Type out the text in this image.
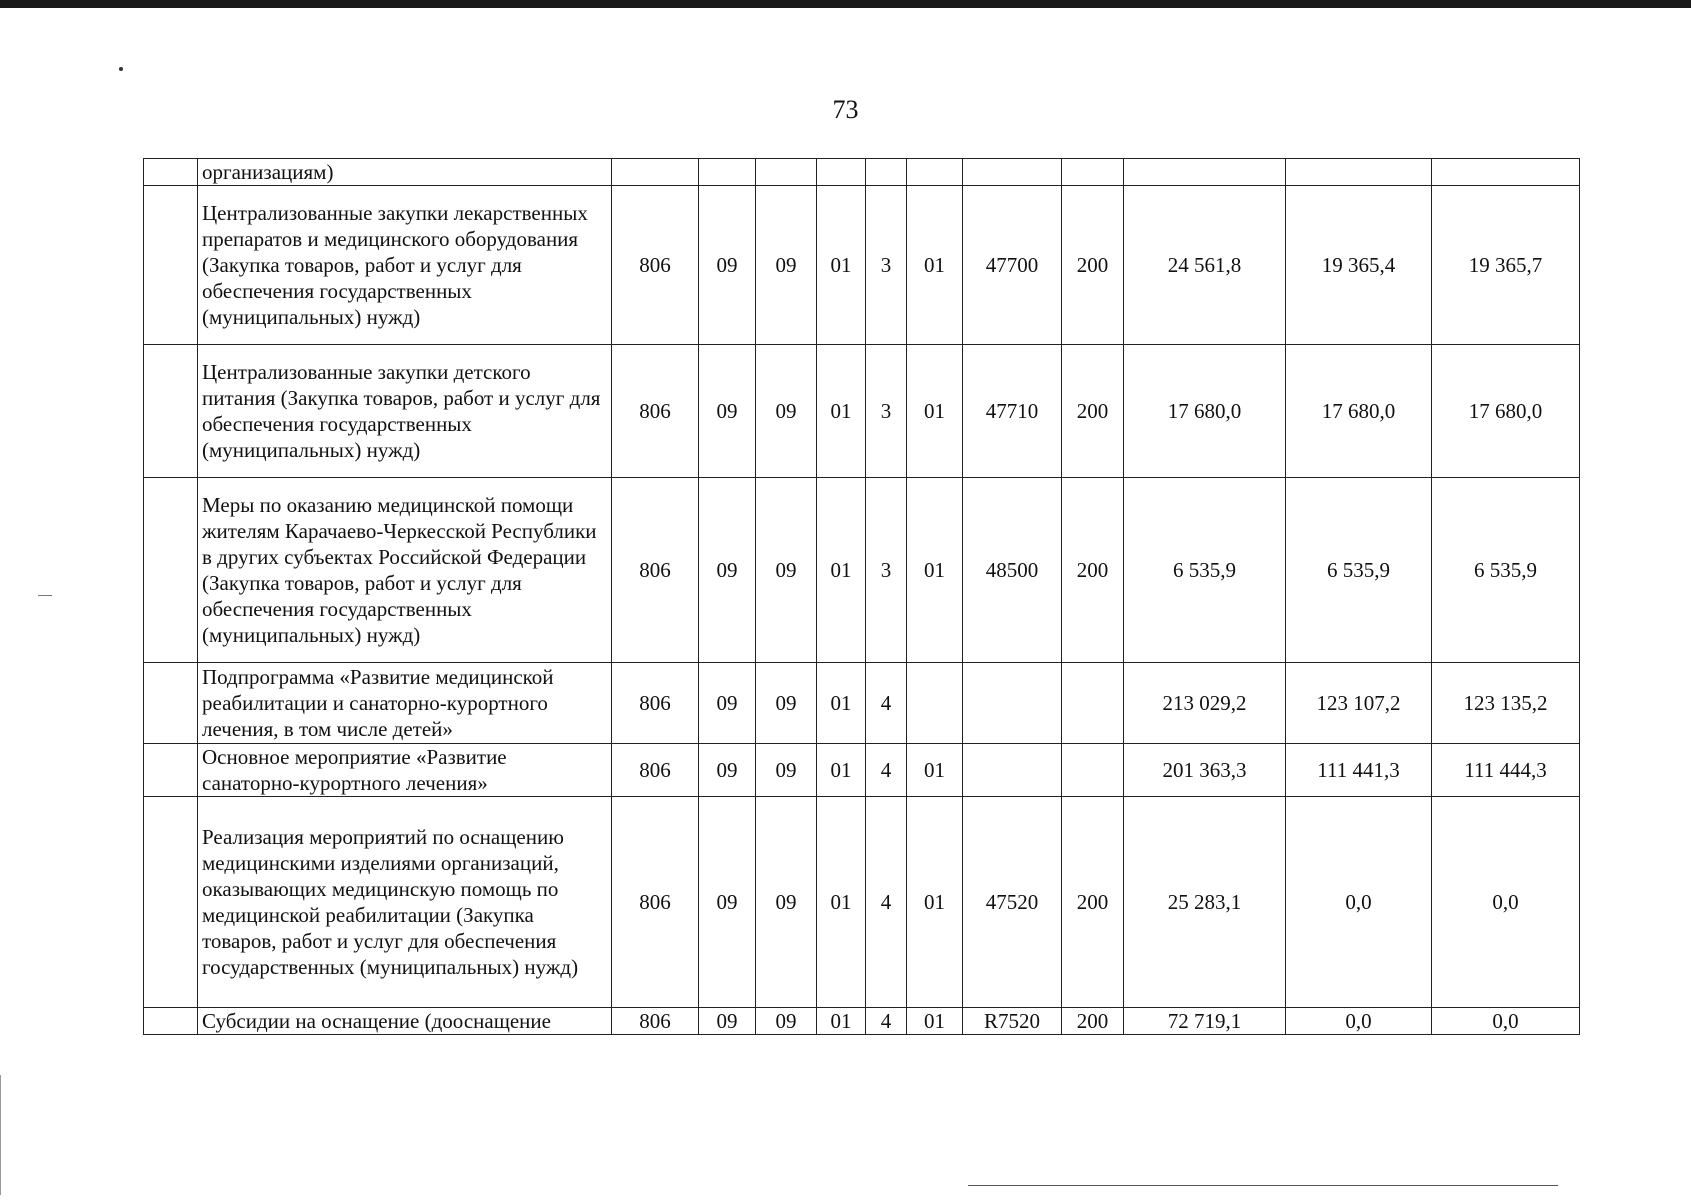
73
	организациям)											
	Централизованные закупки лекарственных препаратов и медицинского оборудования (Закупка товаров, работ и услуг для обеспечения государственных (муниципальных) нужд)	806	09	09	01	3	01	47700	200	24 561,8	19 365,4	19 365,7
	Централизованные закупки детского питания (Закупка товаров, работ и услуг для обеспечения государственных (муниципальных) нужд)	806	09	09	01	3	01	47710	200	17 680,0	17 680,0	17 680,0
	Меры по оказанию медицинской помощи жителям Карачаево-Черкесской Республики в других субъектах Российской Федерации (Закупка товаров, работ и услуг для обеспечения государственных (муниципальных) нужд)	806	09	09	01	3	01	48500	200	6 535,9	6 535,9	6 535,9
	Подпрограмма «Развитие медицинской реабилитации и санаторно-курортного лечения, в том числе детей»	806	09	09	01	4				213 029,2	123 107,2	123 135,2
	Основное мероприятие «Развитие санаторно-курортного лечения»	806	09	09	01	4	01			201 363,3	111 441,3	111 444,3
	Реализация мероприятий по оснащению медицинскими изделиями организаций, оказывающих медицинскую помощь по медицинской реабилитации (Закупка товаров, работ и услуг для обеспечения государственных (муниципальных) нужд)	806	09	09	01	4	01	47520	200	25 283,1	0,0	0,0
	Субсидии на оснащение (дооснащение	806	09	09	01	4	01	R7520	200	72 719,1	0,0	0,0
